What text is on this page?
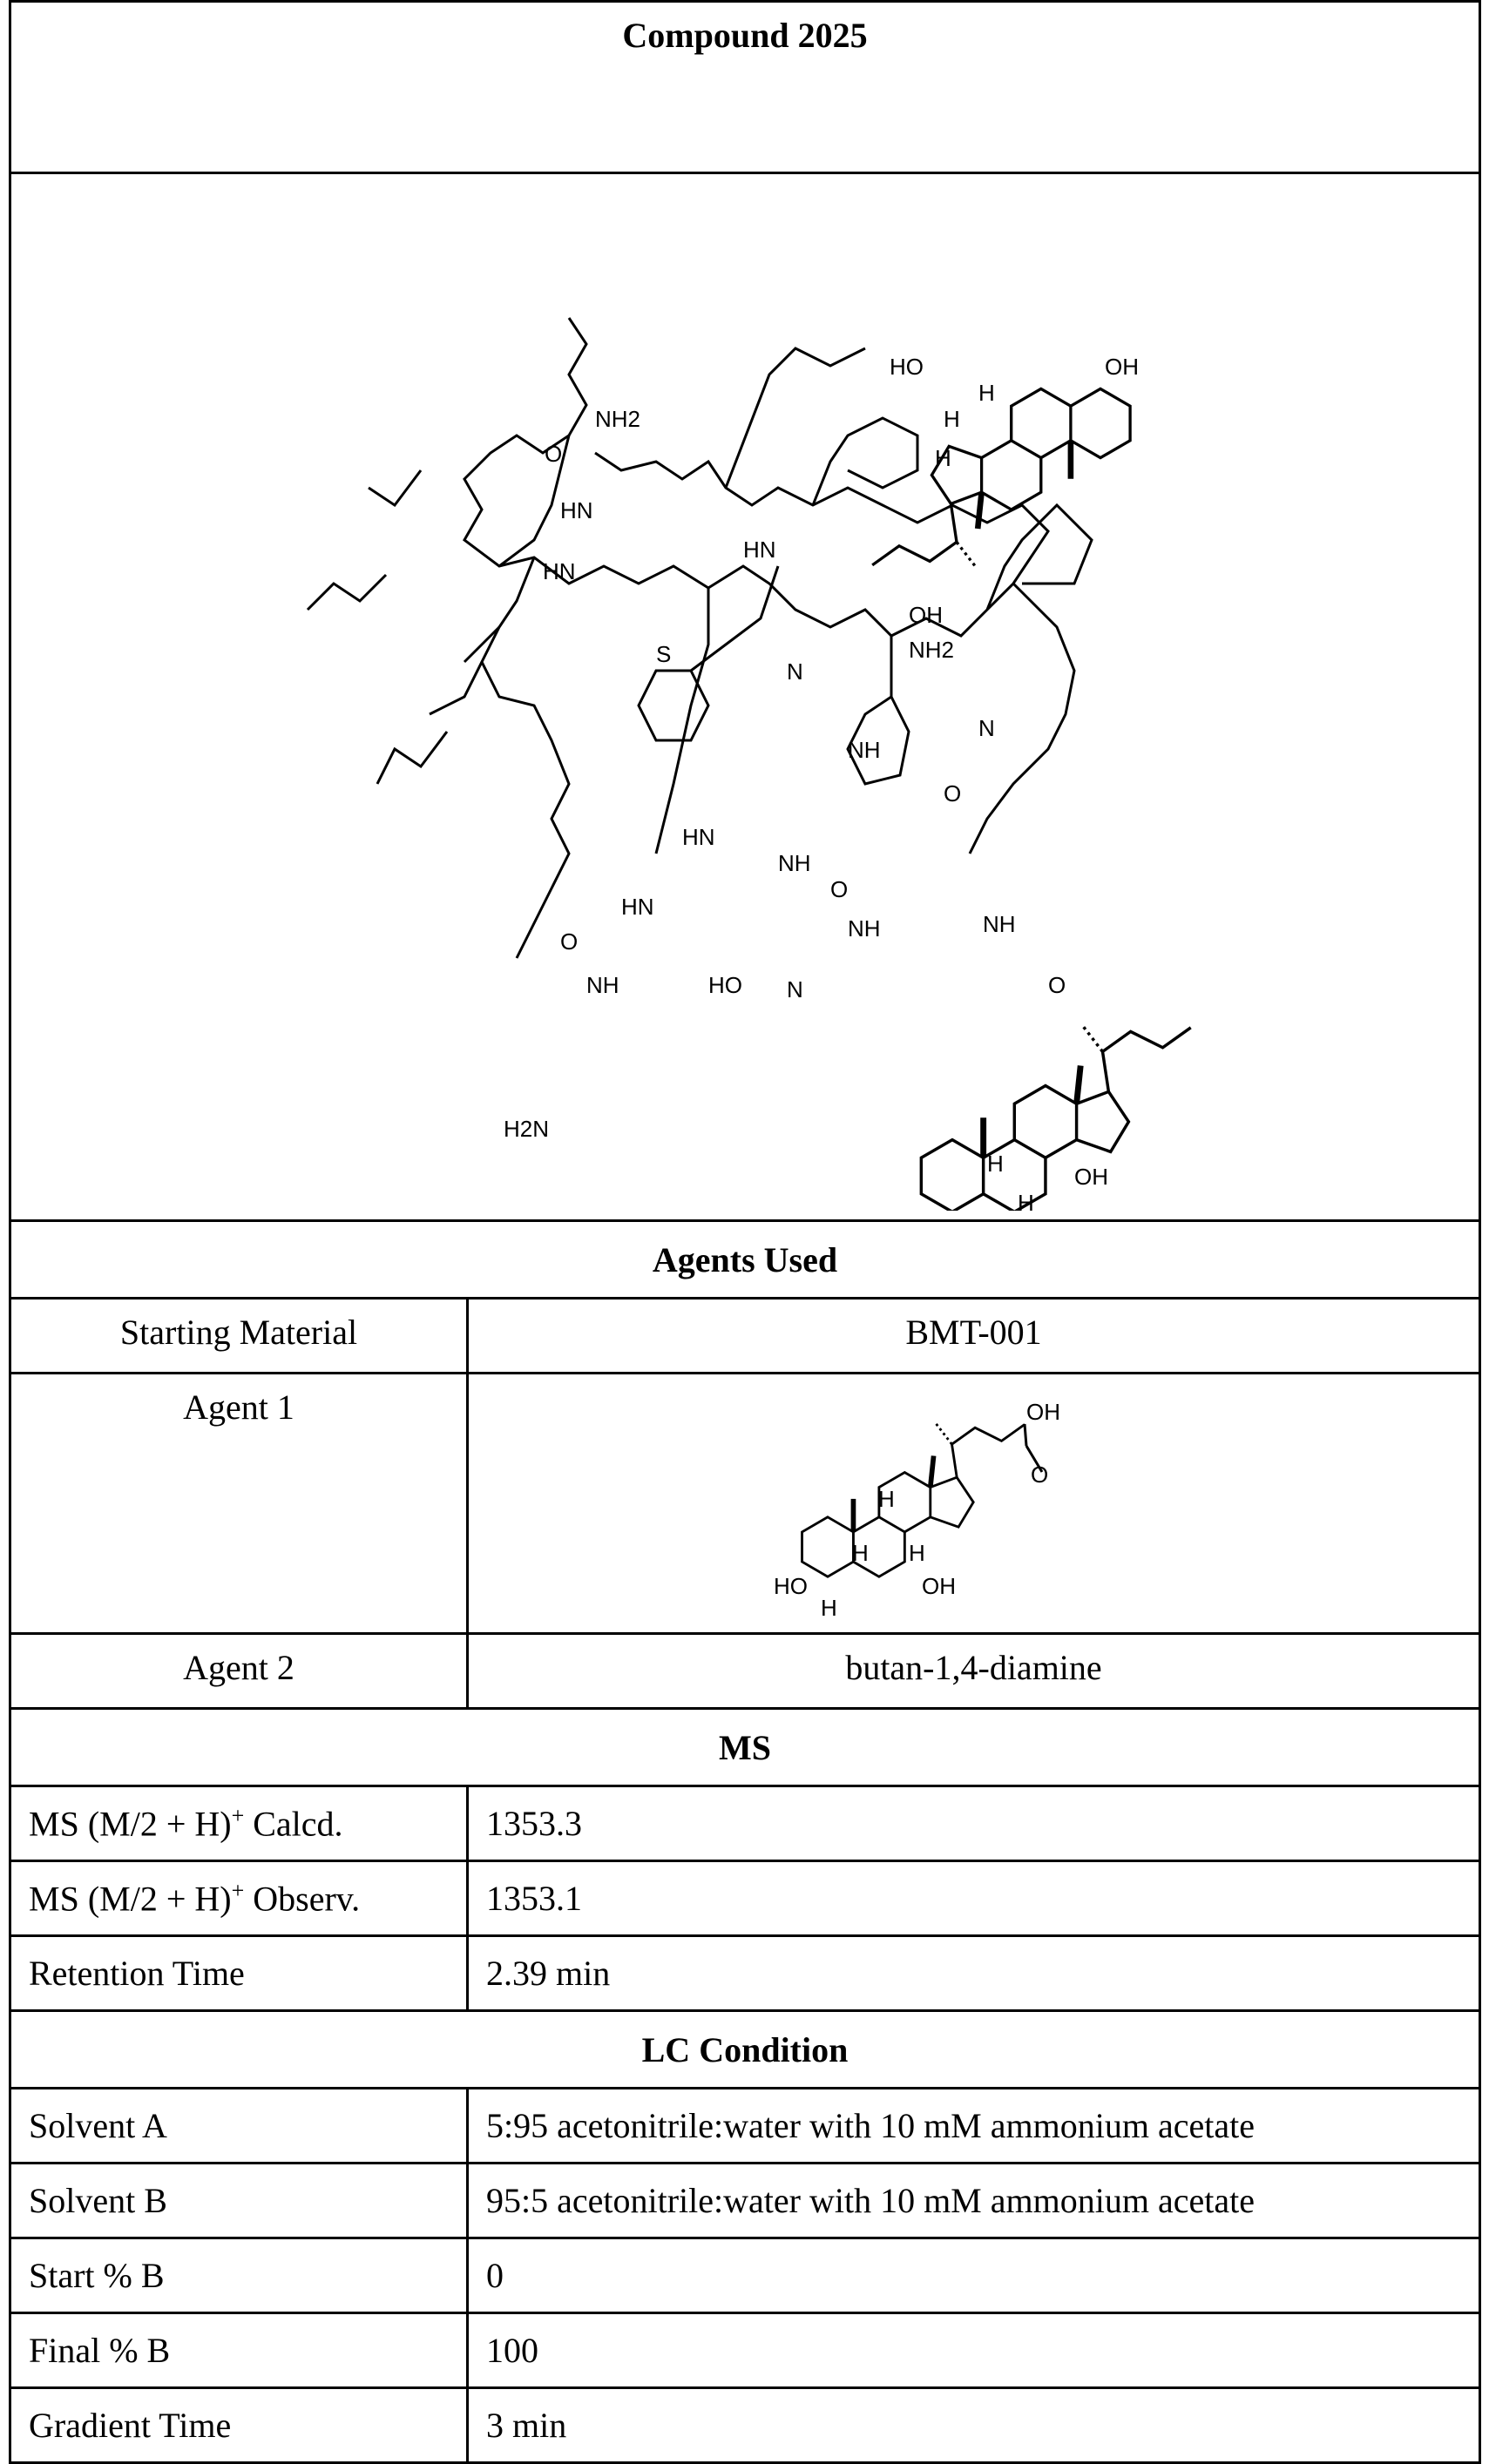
Compound 2025

HO	OH
H
H
H
NH2
O
HN
HN
S
HN
OH
NH2
N
NH
N
O
HN
HN
NH
O
HO N
NH	NH
O
H2N
OH
H
H
O
NH

Agents Used
Starting Material	BMT-001
Agent 1	OH
O
H
H H
HO	OH
H

Agent 2	butan-1,4-diamine
MS
MS (M/2 + H)+ Calcd.	1353.3
MS (M/2 + H)+ Observ.	1353.1
Retention Time	2.39 min
LC Condition
Solvent A	5:95 acetonitrile:water with 10 mM ammonium acetate
Solvent B	95:5 acetonitrile:water with 10 mM ammonium acetate
Start % B	0
Final % B	100
Gradient Time	3 min
